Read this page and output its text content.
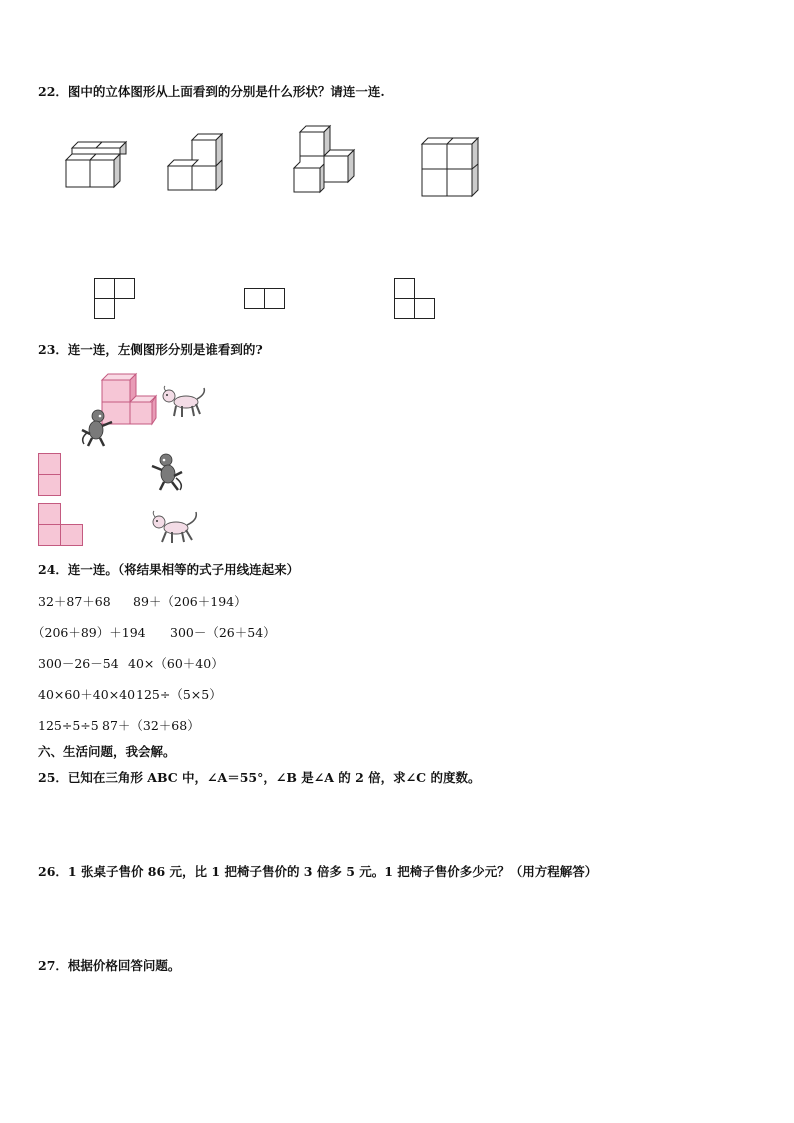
22．图中的立体图形从上面看到的分别是什么形状？请连一连.
23．连一连，左侧图形分别是谁看到的?
24．连一连。（将结果相等的式子用线连起来）
32＋87＋68 89＋（206＋194）
（206＋89）＋194 300－（26＋54）
300－26－54 40×（60＋40）
40×60＋40×40 125÷（5×5）
125÷5÷5 87＋（32＋68）
六、生活问题，我会解。
25．已知在三角形 ABC 中，∠A＝55°，∠B 是∠A 的 2 倍，求∠C 的度数。
26．1 张桌子售价 86 元，比 1 把椅子售价的 3 倍多 5 元。1 把椅子售价多少元？（用方程解答）
27．根据价格回答问题。
